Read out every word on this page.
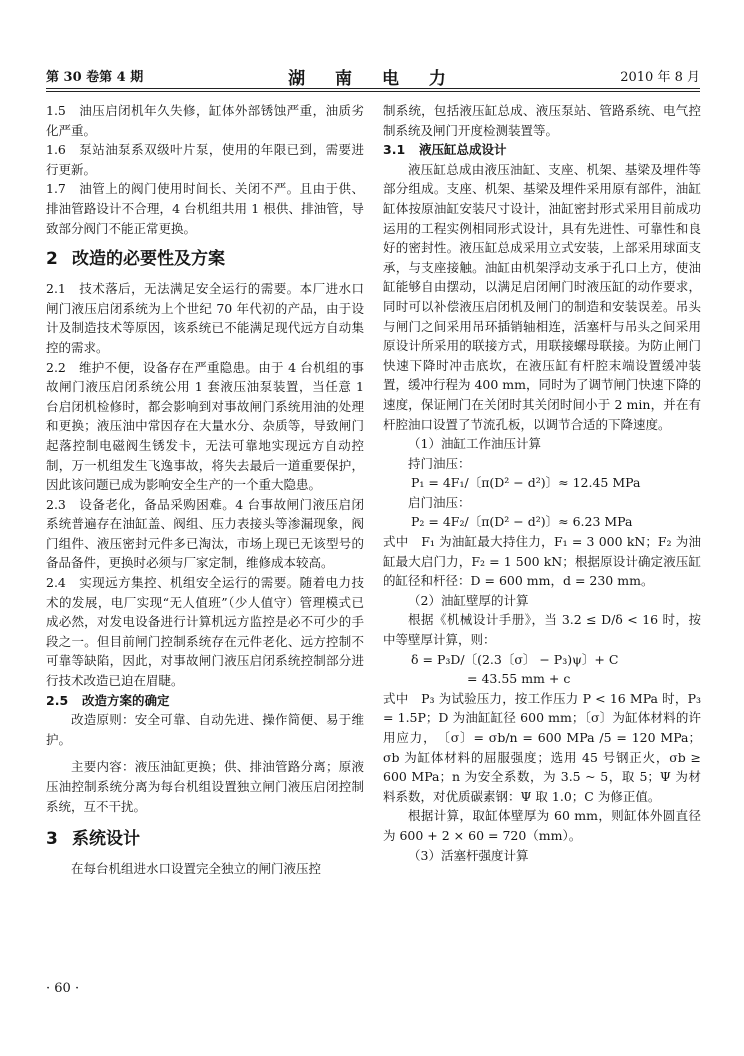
第 30 卷第 4 期	湖 南 电 力	2010 年 8 月

1.5　油压启闭机年久失修，缸体外部锈蚀严重，油质劣化严重。

1.6　泵站油泵系双级叶片泵，使用的年限已到，需要进行更新。

1.7　油管上的阀门使用时间长、关闭不严。且由于供、排油管路设计不合理，4 台机组共用 1 根供、排油管，导致部分阀门不能正常更换。

2 改造的必要性及方案

2.1　技术落后，无法满足安全运行的需要。本厂进水口闸门液压启闭系统为上个世纪 70 年代初的产品，由于设计及制造技术等原因，该系统已不能满足现代远方自动集控的需求。

2.2　维护不便，设备存在严重隐患。由于 4 台机组的事故闸门液压启闭系统公用 1 套液压油泵装置，当任意 1 台启闭机检修时，都会影响到对事故闸门系统用油的处理和更换；液压油中常因存在大量水分、杂质等，导致闸门起落控制电磁阀生锈发卡，无法可靠地实现远方自动控制，万一机组发生飞逸事故，将失去最后一道重要保护，因此该问题已成为影响安全生产的一个重大隐患。

2.3　设备老化，备品采购困难。4 台事故闸门液压启闭系统普遍存在油缸盖、阀组、压力表接头等渗漏现象，阀门组件、液压密封元件多已淘汰，市场上现已无该型号的备品备件，更换时必须与厂家定制，维修成本较高。

2.4　实现远方集控、机组安全运行的需要。随着电力技术的发展，电厂实现“无人值班”（少人值守）管理模式已成必然，对发电设备进行计算机远方监控是必不可少的手段之一。但目前闸门控制系统存在元件老化、远方控制不可靠等缺陷，因此，对事故闸门液压启闭系统控制部分进行技术改造已迫在眉睫。

2.5 改造方案的确定

改造原则：安全可靠、自动先进、操作简便、易于维护。

主要内容：液压油缸更换；供、排油管路分离；原液压油控制系统分离为每台机组设置独立闸门液压启闭控制系统，互不干扰。

3 系统设计

在每台机组进水口设置完全独立的闸门液压控

制系统，包括液压缸总成、液压泵站、管路系统、电气控制系统及闸门开度检测装置等。

3.1 液压缸总成设计

液压缸总成由液压油缸、支座、机架、基梁及埋件等部分组成。支座、机架、基梁及埋件采用原有部件，油缸缸体按原油缸安装尺寸设计，油缸密封形式采用目前成功运用的工程实例相同形式设计，具有先进性、可靠性和良好的密封性。液压缸总成采用立式安装，上部采用球面支承，与支座接触。油缸由机架浮动支承于孔口上方，使油缸能够自由摆动，以满足启闭闸门时液压缸的动作要求，同时可以补偿液压启闭机及闸门的制造和安装误差。吊头与闸门之间采用吊环插销轴相连，活塞杆与吊头之间采用原设计所采用的联接方式，用联接螺母联接。为防止闸门快速下降时冲击底坎，在液压缸有杆腔末端设置缓冲装置，缓冲行程为 400 mm，同时为了调节闸门快速下降的速度，保证闸门在关闭时其关闭时间小于 2 min，并在有杆腔油口设置了节流孔板，以调节合适的下降速度。

（1）油缸工作油压计算

持门油压：

P₁ = 4F₁/〔π(D² − d²)〕≈ 12.45 MPa

启门油压：

P₂ = 4F₂/〔π(D² − d²)〕≈ 6.23 MPa

式中　F₁ 为油缸最大持住力，F₁ = 3 000 kN；F₂ 为油缸最大启门力，F₂ = 1 500 kN；根据原设计确定液压缸的缸径和杆径：D = 600 mm，d = 230 mm。

（2）油缸壁厚的计算

根据《机械设计手册》，当 3.2 ≤ D/δ < 16 时，按中等壁厚计算，则：

δ = P₃D/〔(2.3〔σ〕 − P₃)ψ〕+ C

= 43.55 mm + c

式中　P₃ 为试验压力，按工作压力 P < 16 MPa 时，P₃ = 1.5P；D 为油缸缸径 600 mm；〔σ〕为缸体材料的许用应力，　〔σ〕= σb/n = 600 MPa /5 = 120 MPa；σb 为缸体材料的屈服强度；选用 45 号钢正火，σb ≥ 600 MPa；n 为安全系数，为 3.5 ~ 5，取 5；Ψ 为材料系数，对优质碳素钢：Ψ 取 1.0；C 为修正值。

根据计算，取缸体壁厚为 60 mm，则缸体外圆直径为 600 + 2 × 60 = 720（mm）。

（3）活塞杆强度计算

· 60 ·
